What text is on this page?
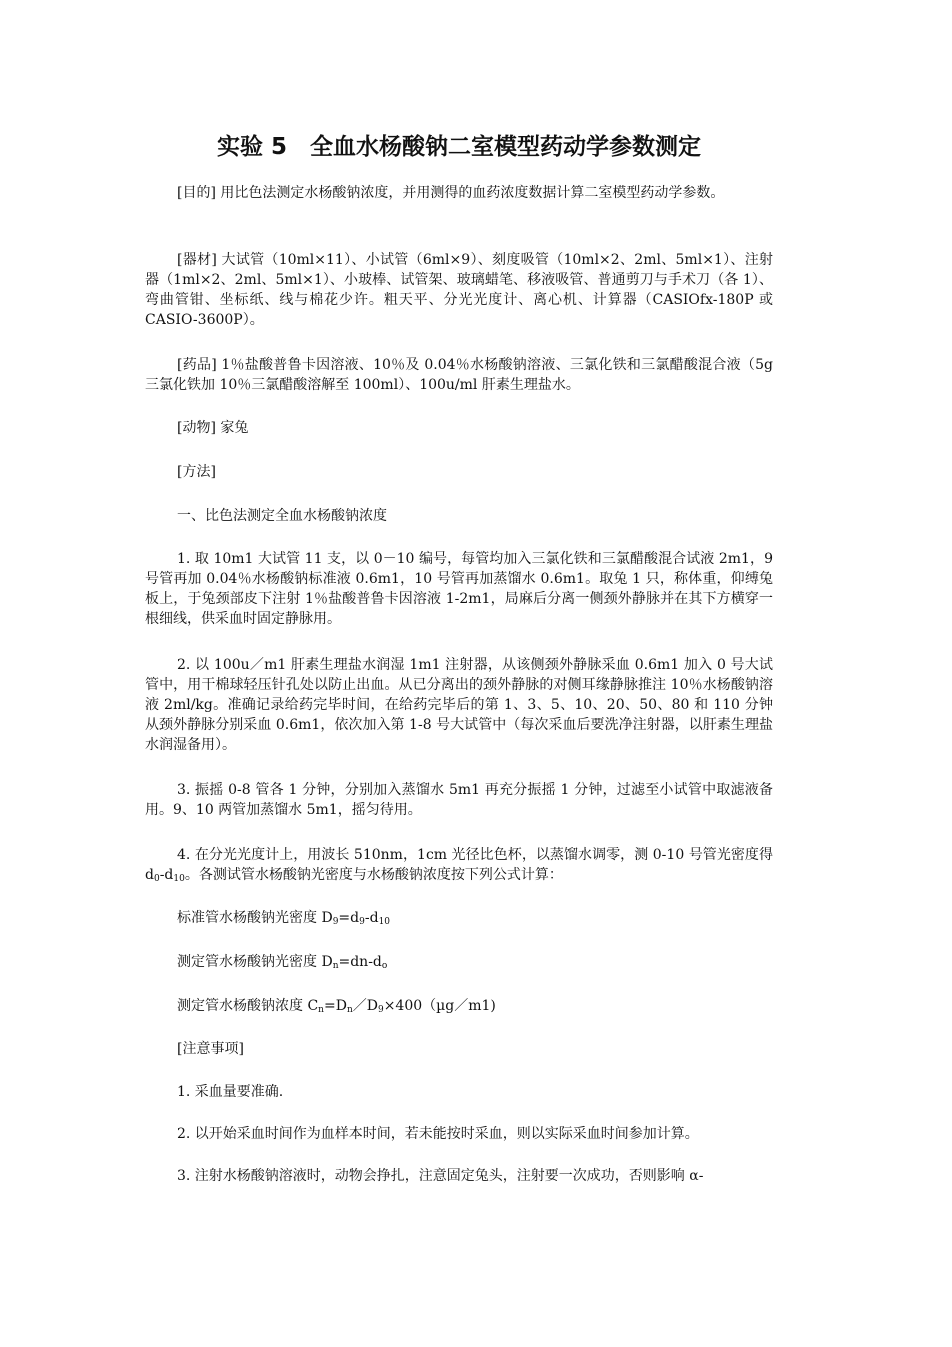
实验 5　全血水杨酸钠二室模型药动学参数测定

[目的] 用比色法测定水杨酸钠浓度，并用测得的血药浓度数据计算二室模型药动学参数。

[器材] 大试管（10ml×11）、小试管（6ml×9）、刻度吸管（10ml×2、2ml、5ml×1）、注射器（1ml×2、2ml、5ml×1）、小玻棒、试管架、玻璃蜡笔、移液吸管、普通剪刀与手术刀（各 1）、弯曲管钳、坐标纸、线与棉花少许。粗天平、分光光度计、离心机、计算器（CASIOfx-180P 或 CASIO-3600P）。

[药品] 1％盐酸普鲁卡因溶液、10％及 0.04％水杨酸钠溶液、三氯化铁和三氯醋酸混合液（5g 三氯化铁加 10％三氯醋酸溶解至 100ml）、100u/ml 肝素生理盐水。

[动物] 家兔

[方法]

一、比色法测定全血水杨酸钠浓度

1. 取 10m1 大试管 11 支，以 0－10 编号，每管均加入三氯化铁和三氯醋酸混合试液 2m1，9 号管再加 0.04％水杨酸钠标准液 0.6m1，10 号管再加蒸馏水 0.6m1。取兔 1 只，称体重，仰缚兔板上，于兔颈部皮下注射 1％盐酸普鲁卡因溶液 1-2m1，局麻后分离一侧颈外静脉并在其下方横穿一根细线，供采血时固定静脉用。

2. 以 100u／m1 肝素生理盐水润湿 1m1 注射器，从该侧颈外静脉采血 0.6m1 加入 0 号大试管中，用干棉球轻压针孔处以防止出血。从已分离出的颈外静脉的对侧耳缘静脉推注 10％水杨酸钠溶液 2ml/kg。准确记录给药完毕时间，在给药完毕后的第 1、3、5、10、20、50、80 和 110 分钟从颈外静脉分别采血 0.6m1，依次加入第 1-8 号大试管中（每次采血后要洗净注射器，以肝素生理盐水润湿备用）。

3. 振摇 0-8 管各 1 分钟，分别加入蒸馏水 5m1 再充分振摇 1 分钟，过滤至小试管中取滤液备用。9、10 两管加蒸馏水 5m1，摇匀待用。

4. 在分光光度计上，用波长 510nm，1cm 光径比色杯，以蒸馏水调零，测 0-10 号管光密度得 $d_0-d_{10}$。各测试管水杨酸钠光密度与水杨酸钠浓度按下列公式计算：

标准管水杨酸钠光密度 $D_9=d_9-d_{10}$

测定管水杨酸钠光密度 $D_n=dn-d_o$

测定管水杨酸钠浓度 $C_n=D_n/D_9\times 400(\mu g/m1)$

[注意事项]

1. 采血量要准确.

2. 以开始采血时间作为血样本时间，若未能按时采血，则以实际采血时间参加计算。

3. 注射水杨酸钠溶液时，动物会挣扎，注意固定兔头，注射要一次成功，否则影响 α-
